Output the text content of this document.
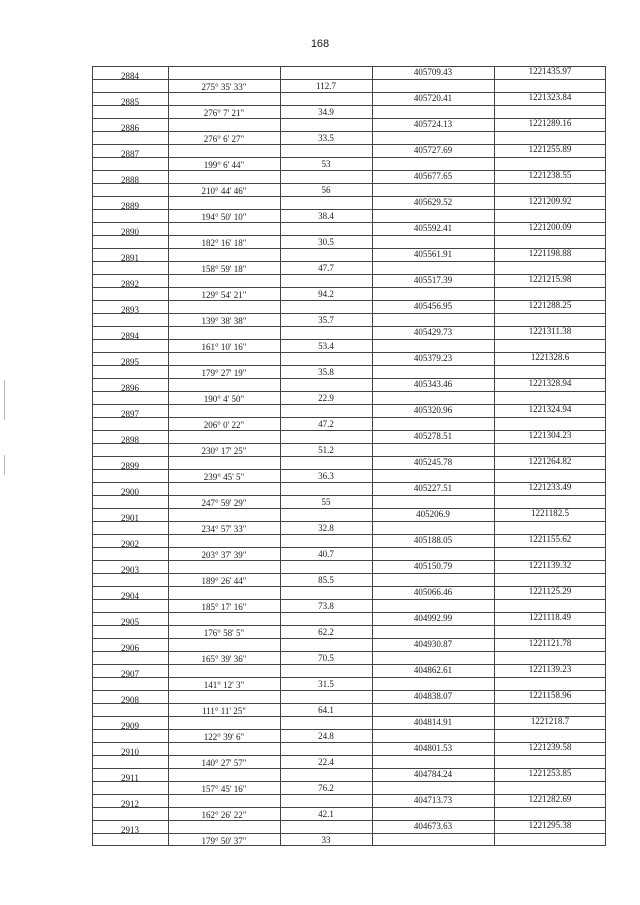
168
2884	405709.43	1221435.97
275° 35' 33"	112.7
2885	405720.41	1221323.84
276° 7' 21"	34.9
2886	405724.13	1221289.16
276° 6' 27"	33.5
2887	405727.69	1221255.89
199° 6' 44"	53
2888	405677.65	1221238.55
210° 44' 46"	56
2889	405629.52	1221209.92
194° 50' 10"	38.4
2890	405592.41	1221200.09
182° 16' 18"	30.5
2891	405561.91	1221198.88
158° 59' 18"	47.7
2892	405517.39	1221215.98
129° 54' 21"	94.2
2893	405456.95	1221288.25
139° 38' 38"	35.7
2894	405429.73	1221311.38
161° 10' 16"	53.4
2895	405379.23	1221328.6
179° 27' 19"	35.8
2896	405343.46	1221328.94
190° 4' 50"	22.9
2897	405320.96	1221324.94
206° 0' 22"	47.2
2898	405278.51	1221304.23
230° 17' 25"	51.2
2899	405245.78	1221264.82
239° 45' 5"	36.3
2900	405227.51	1221233.49
247° 59' 29"	55
2901	405206.9	1221182.5
234° 57' 33"	32.8
2902	405188.05	1221155.62
203° 37' 39"	40.7
2903	405150.79	1221139.32
189° 26' 44"	85.5
2904	405066.46	1221125.29
185° 17' 16"	73.8
2905	404992.99	1221118.49
176° 58' 5"	62.2
2906	404930.87	1221121.78
165° 39' 36"	70.5
2907	404862.61	1221139.23
141° 12' 3"	31.5
2908	404838.07	1221158.96
111° 11' 25"	64.1
2909	404814.91	1221218.7
122° 39' 6"	24.8
2910	404801.53	1221239.58
140° 27' 57"	22.4
2911	404784.24	1221253.85
157° 45' 16"	76.2
2912	404713.73	1221282.69
162° 26' 22"	42.1
2913	404673.63	1221295.38
179° 50' 37"	33
